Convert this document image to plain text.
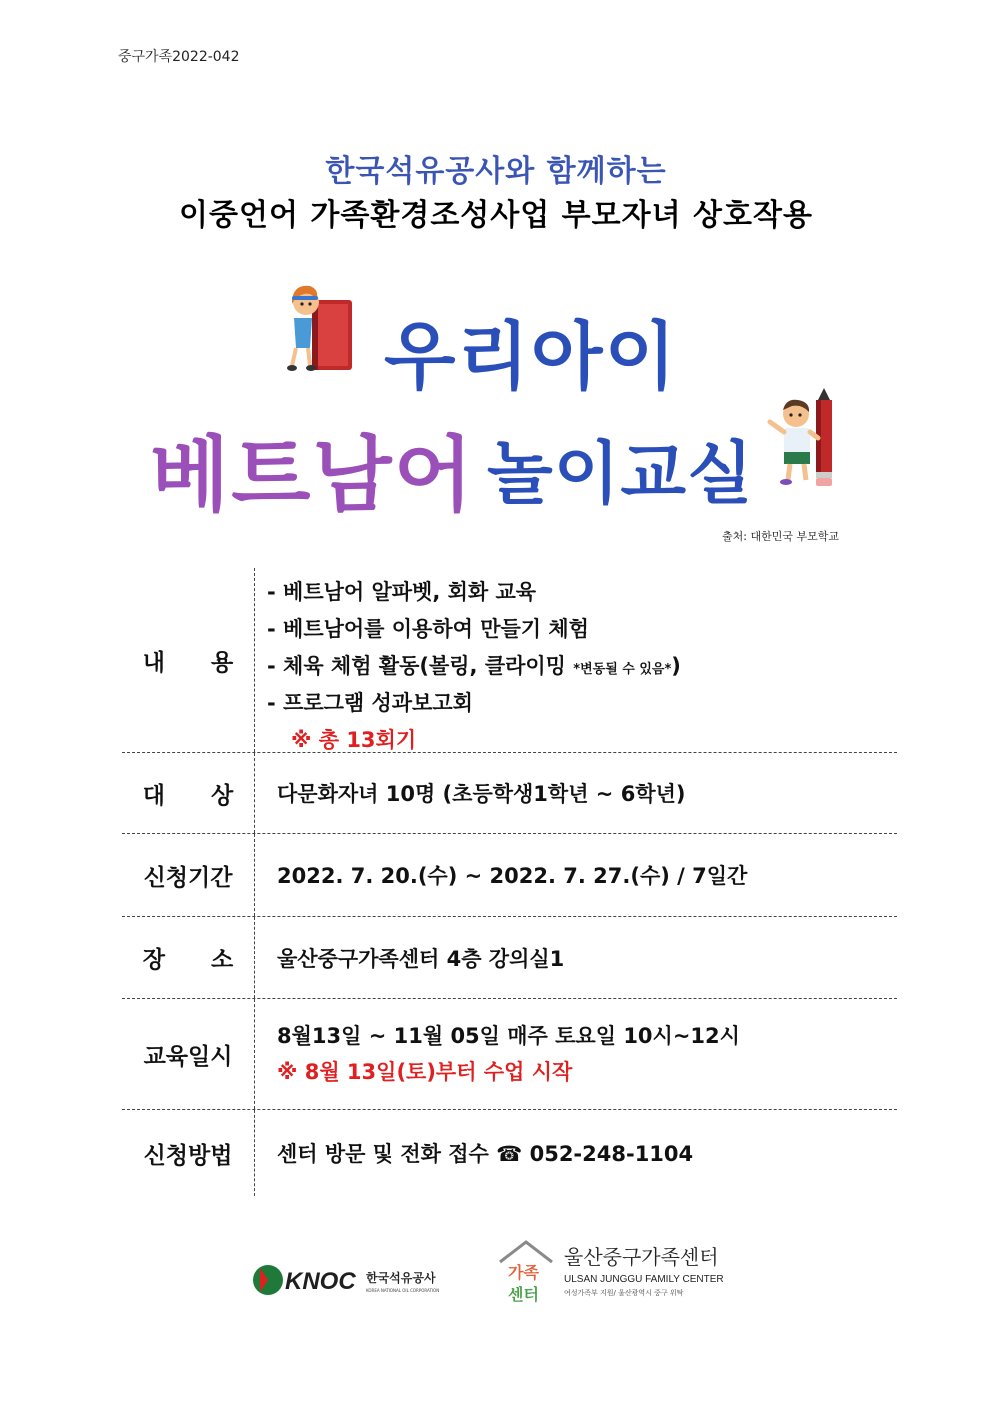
중구가족2022-042
한국석유공사와 함께하는
이중언어 가족환경조성사업 부모자녀 상호작용
우리아이
베트남어 놀이교실
출처: 대한민국 부모학교
내 용
- 베트남어 알파벳, 회화 교육
- 베트남어를 이용하여 만들기 체험
- 체육 체험 활동(볼링, 클라이밍 *변동될 수 있음*)
- 프로그램 성과보고회
※ 총 13회기
대 상 다문화자녀 10명 (초등학생1학년 ~ 6학년)
신청기간	2022. 7. 20.(수) ~ 2022. 7. 27.(수) / 7일간
장 소 울산중구가족센터 4층 강의실1
교육일시
8월13일 ~ 11월 05일 매주 토요일 10시~12시
※ 8월 13일(토)부터 수업 시작
신청방법	센터 방문 및 전화 접수 ☎ 052-248-1104
KNOC 한국석유공사
KOREA NATIONAL OIL CORPORATION
가족
센터
울산중구가족센터
ULSAN JUNGGU FAMILY CENTER
여성가족부 지원/ 울산광역시 중구 위탁
